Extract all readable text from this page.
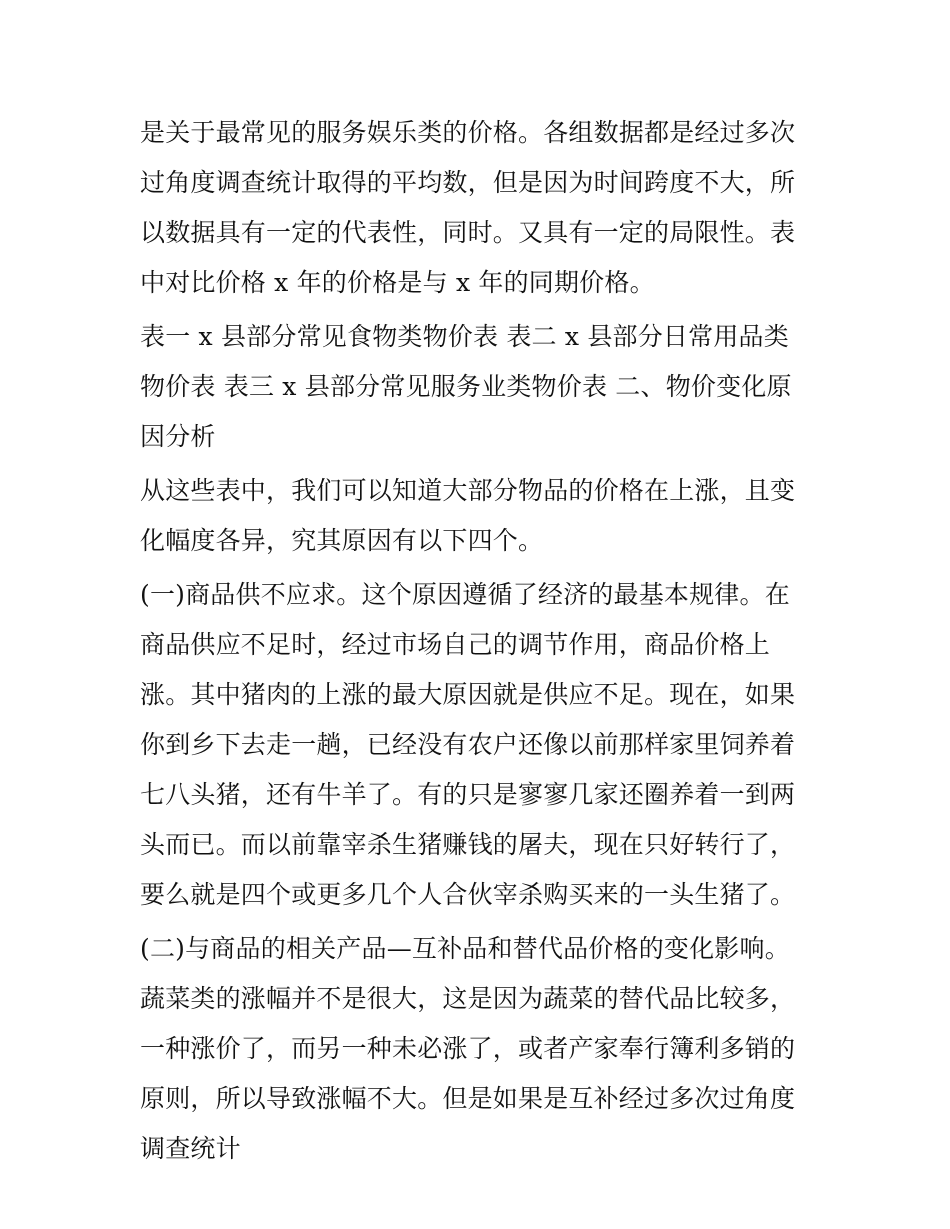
是关于最常见的服务娱乐类的价格。各组数据都是经过多次过角度调查统计取得的平均数，但是因为时间跨度不大，所以数据具有一定的代表性，同时。又具有一定的局限性。表中对比价格 x 年的价格是与 x 年的同期价格。

表一 x 县部分常见食物类物价表 表二 x 县部分日常用品类物价表 表三 x 县部分常见服务业类物价表 二、物价变化原因分析

从这些表中，我们可以知道大部分物品的价格在上涨，且变化幅度各异，究其原因有以下四个。

(一)商品供不应求。这个原因遵循了经济的最基本规律。在商品供应不足时，经过市场自己的调节作用，商品价格上涨。其中猪肉的上涨的最大原因就是供应不足。现在，如果你到乡下去走一趟，已经没有农户还像以前那样家里饲养着七八头猪，还有牛羊了。有的只是寥寥几家还圈养着一到两头而已。而以前靠宰杀生猪赚钱的屠夫，现在只好转行了，要么就是四个或更多几个人合伙宰杀购买来的一头生猪了。

(二)与商品的相关产品—互补品和替代品价格的变化影响。蔬菜类的涨幅并不是很大，这是因为蔬菜的替代品比较多，一种涨价了，而另一种未必涨了，或者产家奉行簿利多销的原则，所以导致涨幅不大。但是如果是互补经过多次过角度调查统计
